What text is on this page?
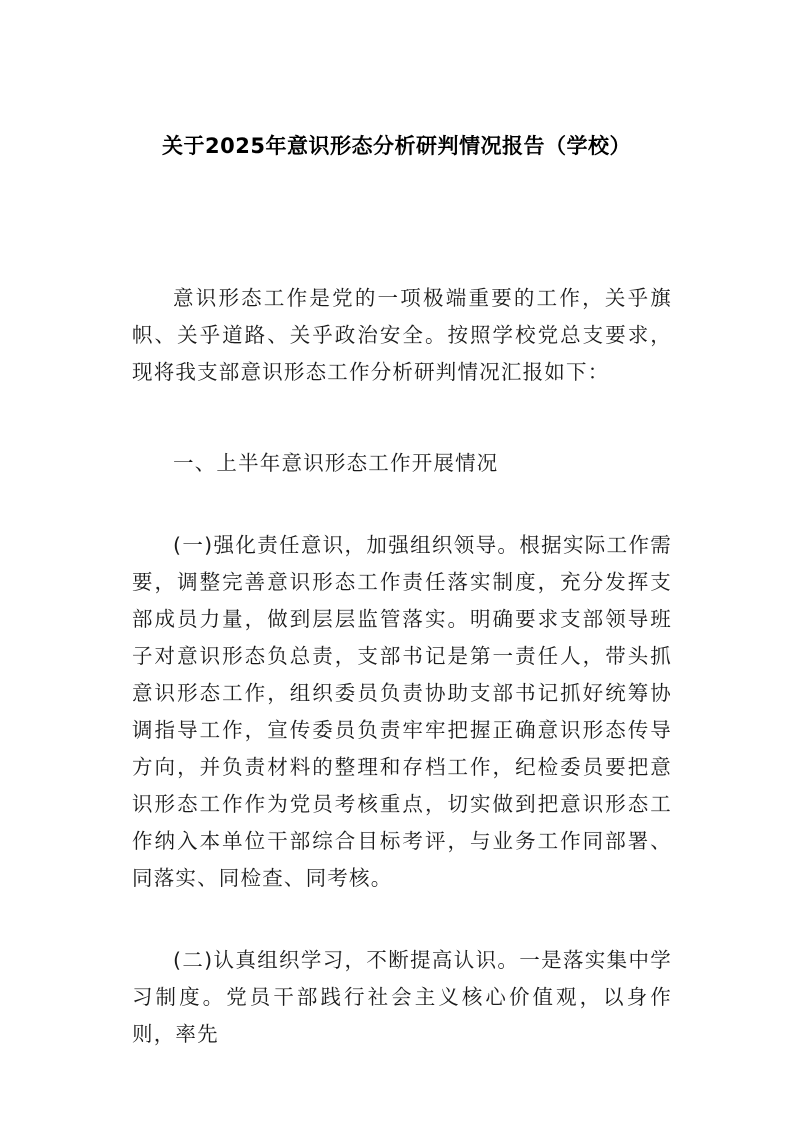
关于2025年意识形态分析研判情况报告（学校）

意识形态工作是党的一项极端重要的工作，关乎旗帜、关乎道路、关乎政治安全。按照学校党总支要求，现将我支部意识形态工作分析研判情况汇报如下：

一、上半年意识形态工作开展情况

(一)强化责任意识，加强组织领导。根据实际工作需要，调整完善意识形态工作责任落实制度，充分发挥支部成员力量，做到层层监管落实。明确要求支部领导班子对意识形态负总责，支部书记是第一责任人，带头抓意识形态工作，组织委员负责协助支部书记抓好统筹协调指导工作，宣传委员负责牢牢把握正确意识形态传导方向，并负责材料的整理和存档工作，纪检委员要把意识形态工作作为党员考核重点，切实做到把意识形态工作纳入本单位干部综合目标考评，与业务工作同部署、同落实、同检查、同考核。

(二)认真组织学习，不断提高认识。一是落实集中学习制度。党员干部践行社会主义核心价值观，以身作则，率先
